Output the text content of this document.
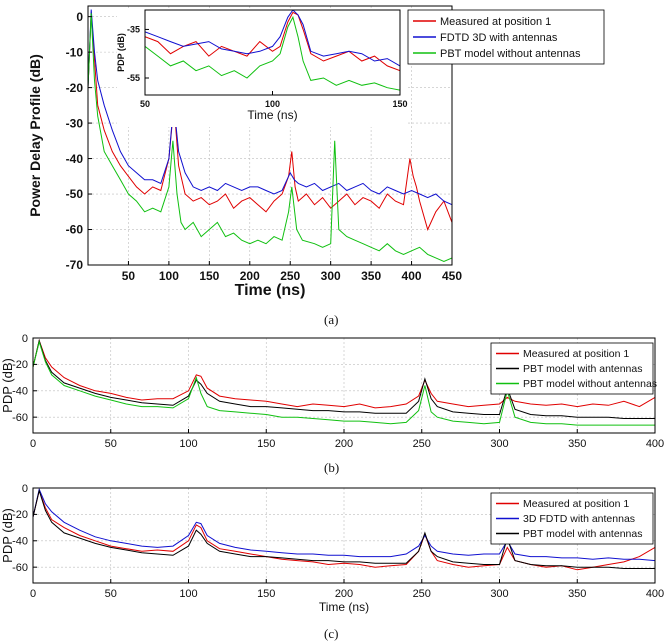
50 100 150 200 250 300 350 400 450
0
-10
-20
-30
-40
-50
-60
-70
Time (ns)
Power Delay Profile (dB)	50	100	150
-35
-55
Time (ns)
PDP (dB)
Measured at position 1
FDTD 3D with antennas
PBT model without antennas
0	50	100	150	200	250	300	350	400
0
-20
-40
-60
PDP (dB)
Measured at position 1
PBT model with antennas
PBT model without antennas
0	50	100	150	200	250	300	350	400
0
-20
-40
-60
Time (ns)
PDP (dB)
Measured at position 1
3D FDTD with antennas
PBT model with antennas
(a)
(b)
(c)
